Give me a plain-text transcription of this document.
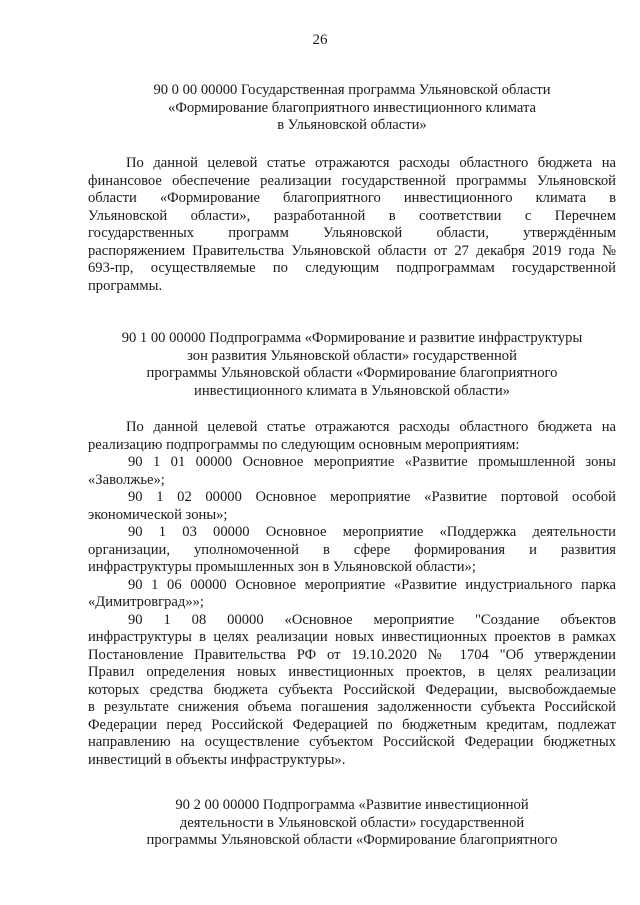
26
90 0 00 00000 Государственная программа Ульяновской области
«Формирование благоприятного инвестиционного климата
в Ульяновской области»
По данной целевой статье отражаются расходы областного бюджета на
финансовое обеспечение реализации государственной программы Ульяновской
области «Формирование благоприятного инвестиционного климата в
Ульяновской области», разработанной в соответствии с Перечнем
государственных программ Ульяновской области, утверждённым
распоряжением Правительства Ульяновской области от 27 декабря 2019 года №
693-пр, осуществляемые по следующим подпрограммам государственной
программы.
90 1 00 00000 Подпрограмма «Формирование и развитие инфраструктуры
зон развития Ульяновской области» государственной
программы Ульяновской области «Формирование благоприятного
инвестиционного климата в Ульяновской области»
По данной целевой статье отражаются расходы областного бюджета на
реализацию подпрограммы по следующим основным мероприятиям:
90 1 01 00000 Основное мероприятие «Развитие промышленной зоны
«Заволжье»;
90 1 02 00000 Основное мероприятие «Развитие портовой особой
экономической зоны»;
90 1 03 00000 Основное мероприятие «Поддержка деятельности
организации, уполномоченной в сфере формирования и развития
инфраструктуры промышленных зон в Ульяновской области»;
90 1 06 00000 Основное мероприятие «Развитие индустриального парка
«Димитровград»»;
90 1 08 00000 «Основное мероприятие "Создание объектов
инфраструктуры в целях реализации новых инвестиционных проектов в рамках
Постановление Правительства РФ от 19.10.2020 № 1704 "Об утверждении
Правил определения новых инвестиционных проектов, в целях реализации
которых средства бюджета субъекта Российской Федерации, высвобождаемые
в результате снижения объема погашения задолженности субъекта Российской
Федерации перед Российской Федерацией по бюджетным кредитам, подлежат
направлению на осуществление субъектом Российской Федерации бюджетных
инвестиций в объекты инфраструктуры».
90 2 00 00000 Подпрограмма «Развитие инвестиционной
деятельности в Ульяновской области» государственной
программы Ульяновской области «Формирование благоприятного
